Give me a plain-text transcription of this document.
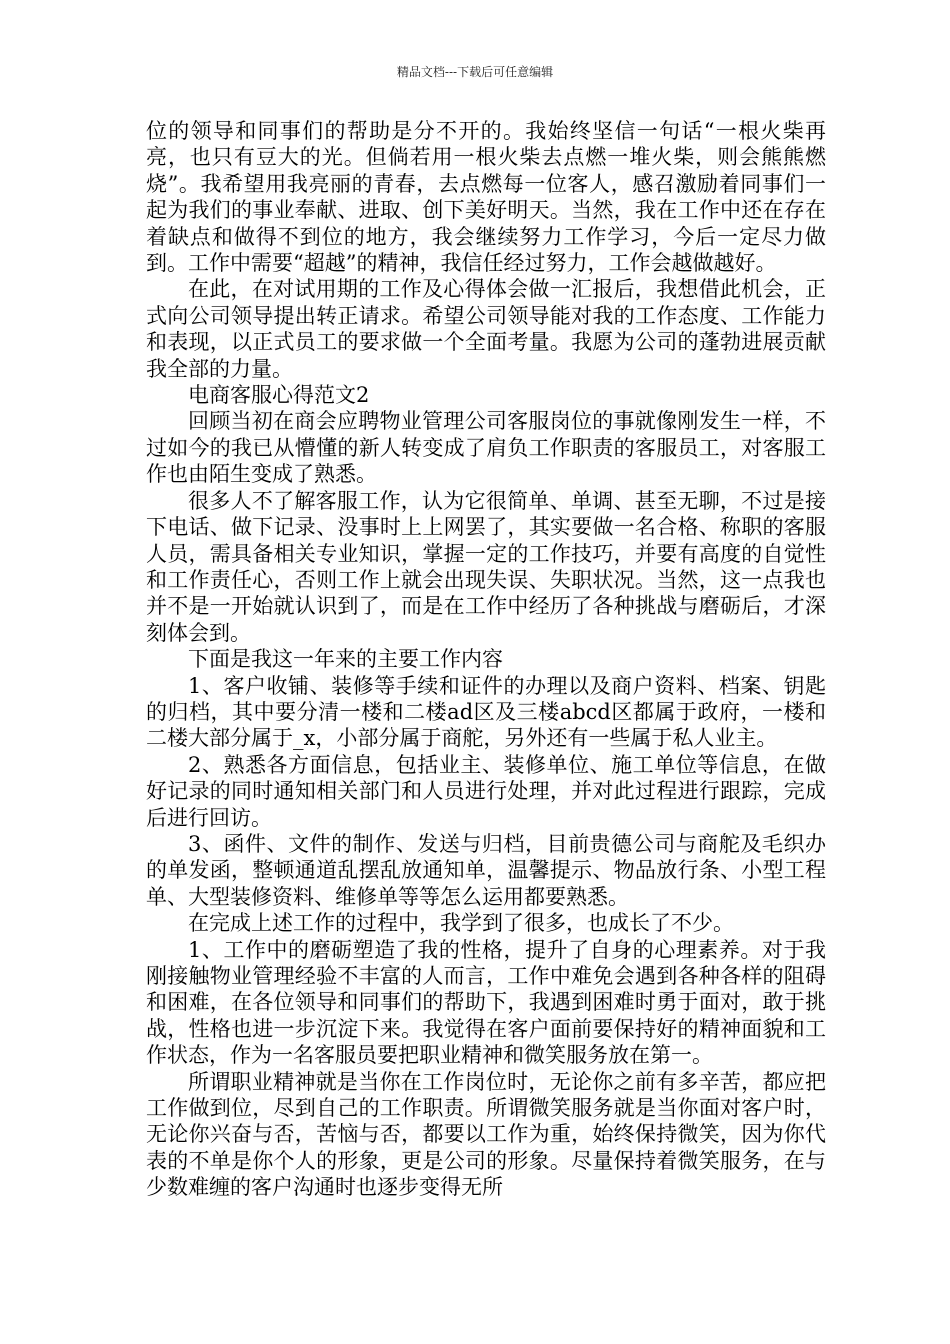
精品文档---下载后可任意编辑

位的领导和同事们的帮助是分不开的。我始终坚信一句话“一根火柴再亮，也只有豆大的光。但倘若用一根火柴去点燃一堆火柴，则会熊熊燃烧”。我希望用我亮丽的青春，去点燃每一位客人，感召激励着同事们一起为我们的事业奉献、进取、创下美好明天。当然，我在工作中还在存在着缺点和做得不到位的地方，我会继续努力工作学习，今后一定尽力做到。工作中需要“超越”的精神，我信任经过努力，工作会越做越好。

在此，在对试用期的工作及心得体会做一汇报后，我想借此机会，正式向公司领导提出转正请求。希望公司领导能对我的工作态度、工作能力和表现，以正式员工的要求做一个全面考量。我愿为公司的蓬勃进展贡献我全部的力量。

电商客服心得范文2

回顾当初在商会应聘物业管理公司客服岗位的事就像刚发生一样，不过如今的我已从懵懂的新人转变成了肩负工作职责的客服员工，对客服工作也由陌生变成了熟悉。

很多人不了解客服工作，认为它很简单、单调、甚至无聊，不过是接下电话、做下记录、没事时上上网罢了，其实要做一名合格、称职的客服人员，需具备相关专业知识，掌握一定的工作技巧，并要有高度的自觉性和工作责任心，否则工作上就会出现失误、失职状况。当然，这一点我也并不是一开始就认识到了，而是在工作中经历了各种挑战与磨砺后，才深刻体会到。

下面是我这一年来的主要工作内容

1、客户收铺、装修等手续和证件的办理以及商户资料、档案、钥匙的归档，其中要分清一楼和二楼ad区及三楼abcd区都属于政府，一楼和二楼大部分属于_x，小部分属于商舵，另外还有一些属于私人业主。

2、熟悉各方面信息，包括业主、装修单位、施工单位等信息，在做好记录的同时通知相关部门和人员进行处理，并对此过程进行跟踪，完成后进行回访。

3、函件、文件的制作、发送与归档，目前贵德公司与商舵及毛织办的单发函，整顿通道乱摆乱放通知单，温馨提示、物品放行条、小型工程单、大型装修资料、维修单等等怎么运用都要熟悉。

在完成上述工作的过程中，我学到了很多，也成长了不少。

1、工作中的磨砺塑造了我的性格，提升了自身的心理素养。对于我刚接触物业管理经验不丰富的人而言，工作中难免会遇到各种各样的阻碍和困难，在各位领导和同事们的帮助下，我遇到困难时勇于面对，敢于挑战，性格也进一步沉淀下来。我觉得在客户面前要保持好的精神面貌和工作状态，作为一名客服员要把职业精神和微笑服务放在第一。

所谓职业精神就是当你在工作岗位时，无论你之前有多辛苦，都应把工作做到位，尽到自己的工作职责。所谓微笑服务就是当你面对客户时，无论你兴奋与否，苦恼与否，都要以工作为重，始终保持微笑，因为你代表的不单是你个人的形象，更是公司的形象。尽量保持着微笑服务，在与少数难缠的客户沟通时也逐步变得无所
